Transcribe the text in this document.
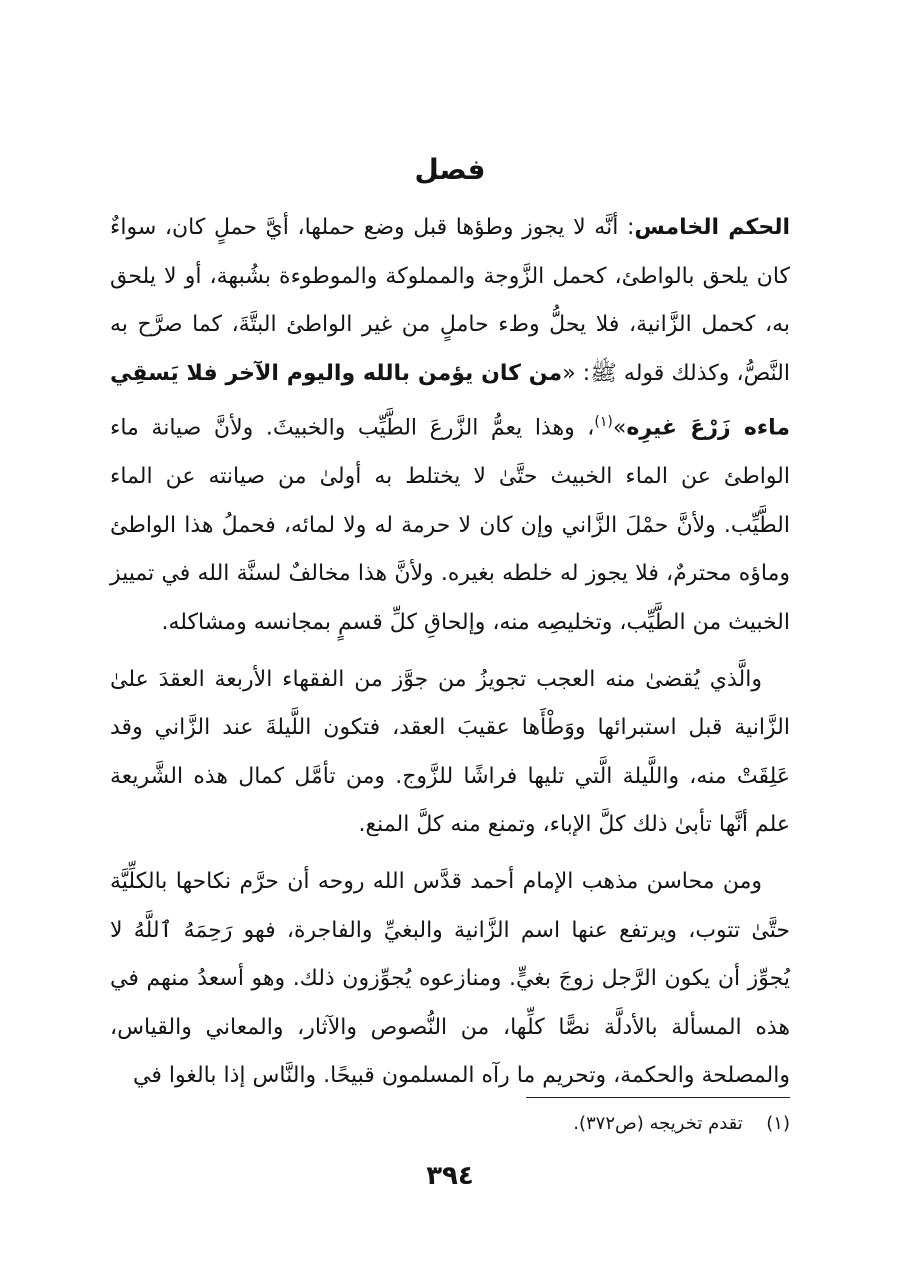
فصل

الحكم الخامس: أنَّه لا يجوز وطؤها قبل وضع حملها، أيَّ حملٍ كان، سواءٌ كان يلحق بالواطئ، كحمل الزَّوجة والمملوكة والموطوءة بشُبهة، أو لا يلحق به، كحمل الزَّانية، فلا يحلُّ وطء حاملٍ من غير الواطئ البتَّةَ، كما صرَّح به النَّصُّ، وكذلك قوله ﷺ: «من كان يؤمن بالله واليوم الآخر فلا يَسقِي ماءه زَرْعَ غيرِه»$^{(١)}$، وهذا يعمُّ الزَّرعَ الطَّيِّب والخبيثَ. ولأنَّ صيانة ماء الواطئ عن الماء الخبيث حتَّىٰ لا يختلط به أولىٰ من صيانته عن الماء الطَّيِّب. ولأنَّ حمْلَ الزَّاني وإن كان لا حرمة له ولا لمائه، فحملُ هذا الواطئ وماؤه محترمٌ، فلا يجوز له خلطه بغيره. ولأنَّ هذا مخالفٌ لسنَّة الله في تمييز الخبيث من الطَّيِّب، وتخليصِه منه، وإلحاقِ كلِّ قسمٍ بمجانسه ومشاكله.

والَّذي يُقضىٰ منه العجب تجويزُ من جوَّز من الفقهاء الأربعة العقدَ علىٰ الزَّانية قبل استبرائها ووَطْأَها عقيبَ العقد، فتكون اللَّيلةَ عند الزَّاني وقد عَلِقَتْ منه، واللَّيلة الَّتي تليها فراشًا للزَّوج. ومن تأمَّل كمال هذه الشَّريعة علم أنَّها تأبىٰ ذلك كلَّ الإباء، وتمنع منه كلَّ المنع.

ومن محاسن مذهب الإمام أحمد قدَّس الله روحه أن حرَّم نكاحها بالكلِّيَّة حتَّىٰ تتوب، ويرتفع عنها اسم الزَّانية والبغيِّ والفاجرة، فهو رَحِمَهُ ٱللَّهُ لا يُجوِّز أن يكون الرَّجل زوجَ بغيٍّ. ومنازعوه يُجوِّزون ذلك. وهو أسعدُ منهم في هذه المسألة بالأدلَّة نصًّا كلِّها، من النُّصوص والآثار، والمعاني والقياس، والمصلحة والحكمة، وتحريم ما رآه المسلمون قبيحًا. والنَّاس إذا بالغوا في

(١)  تقدم تخريجه (ص٣٧٢).
٣٩٤
